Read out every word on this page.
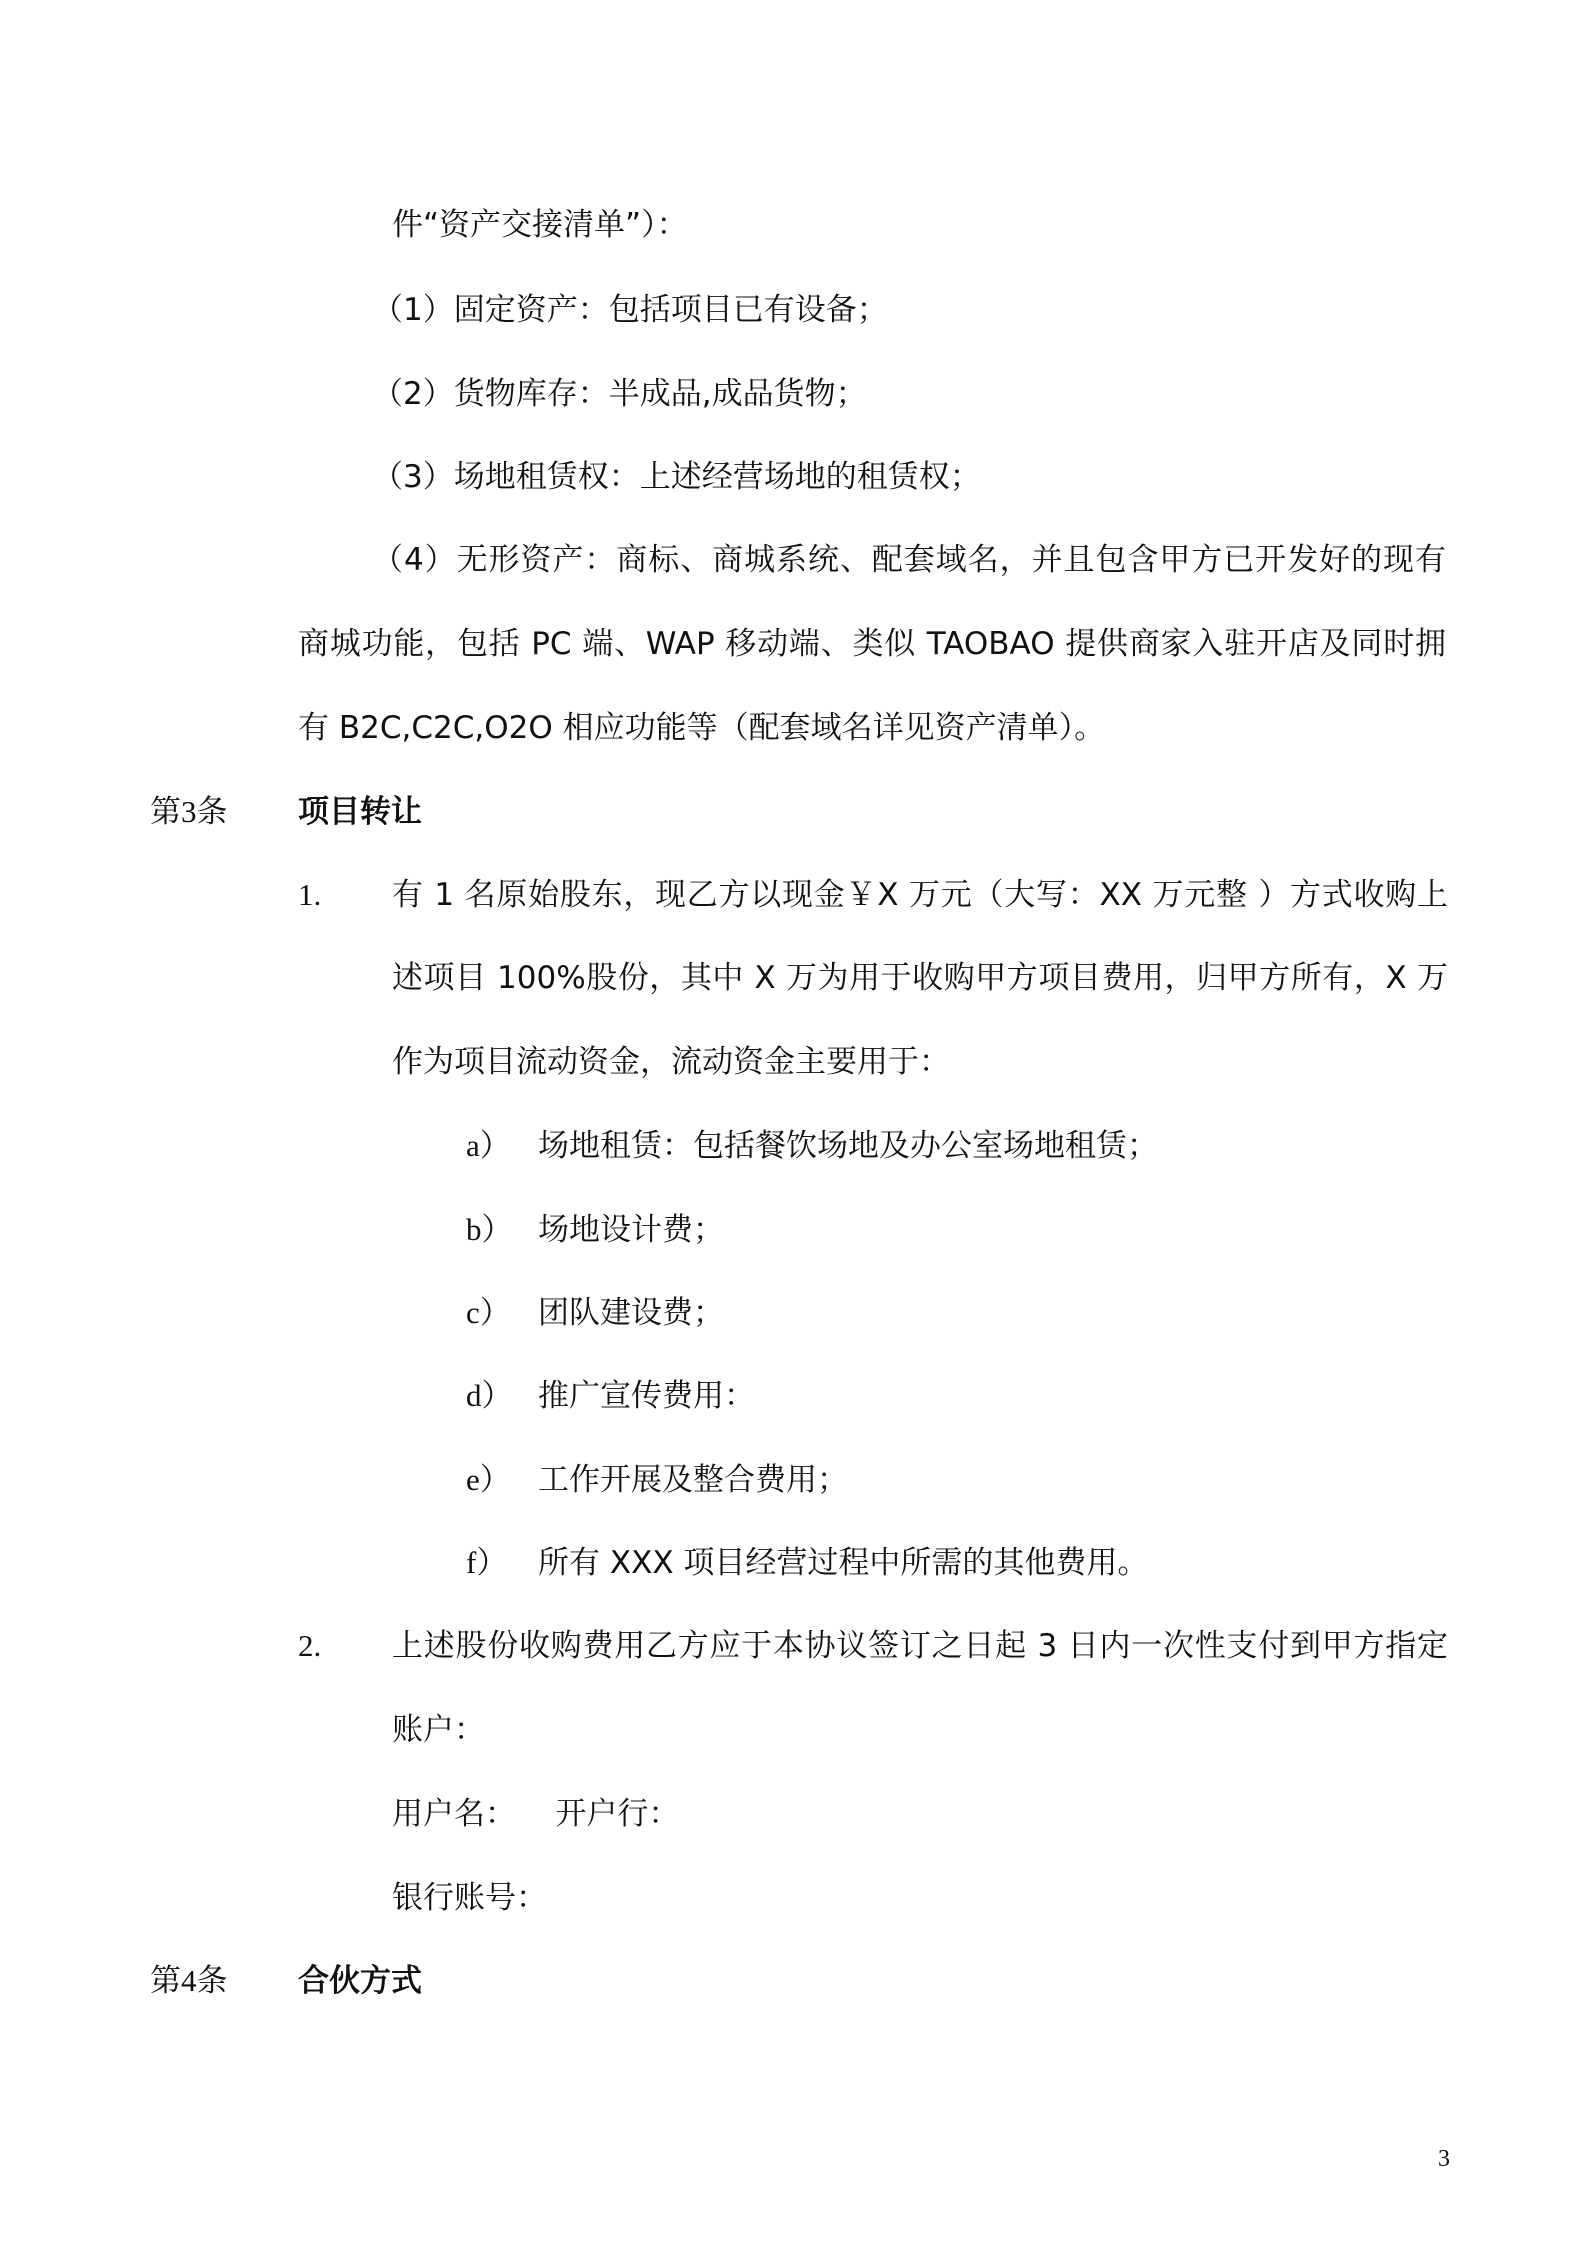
件“资产交接清单”）：
（1）固定资产：包括项目已有设备；
（2）货物库存：半成品,成品货物；
（3）场地租赁权：上述经营场地的租赁权；
（4）无形资产：商标、商城系统、配套域名，并且包含甲方已开发好的现有
商城功能，包括 PC 端、WAP 移动端、类似 TAOBAO 提供商家入驻开店及同时拥
有 B2C,C2C,O2O 相应功能等（配套域名详见资产清单）。
第3条 项目转让
1. 有 1 名原始股东，现乙方以现金￥X 万元（大写：XX 万元整 ）方式收购上
述项目 100%股份，其中 X 万为用于收购甲方项目费用，归甲方所有，X 万
作为项目流动资金，流动资金主要用于：
a） 场地租赁：包括餐饮场地及办公室场地租赁；
b） 场地设计费；
c） 团队建设费；
d） 推广宣传费用：
e） 工作开展及整合费用；
f） 所有 XXX 项目经营过程中所需的其他费用。
2. 上述股份收购费用乙方应于本协议签订之日起 3 日内一次性支付到甲方指定
账户：
用户名：    开户行：
银行账号：
第4条 合伙方式
3
